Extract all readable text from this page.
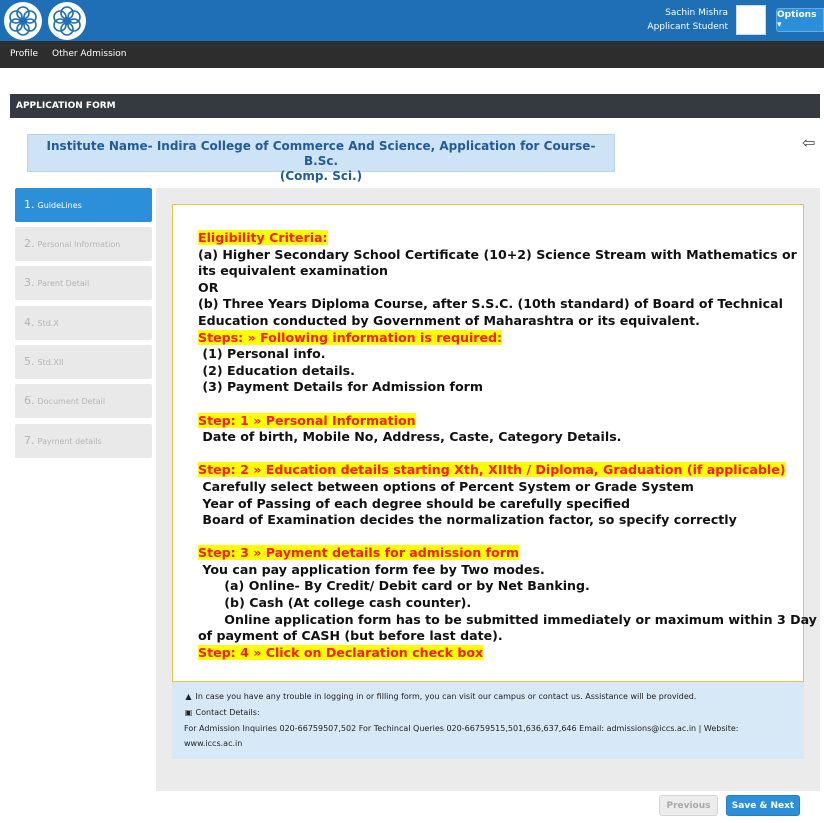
Sachin Mishra
Applicant Student
Options ▾
Profile	Other Admission
APPLICATION FORM
⇦
Institute Name- Indira College of Commerce And Science, Application for Course- B.Sc.
(Comp. Sci.)
1. GuideLines
2. Personal Information
3. Parent Detail
4. Std.X
5. Std.XII
6. Document Detail
7. Payment details
Eligibility Criteria:
(a) Higher Secondary School Certificate (10+2) Science Stream with Mathematics or
its equivalent examination
OR
(b) Three Years Diploma Course, after S.S.C. (10th standard) of Board of Technical
Education conducted by Government of Maharashtra or its equivalent.
Steps: » Following information is required:
(1) Personal info.
(2) Education details.
(3) Payment Details for Admission form
Step: 1 » Personal Information
Date of birth, Mobile No, Address, Caste, Category Details.
Step: 2 » Education details starting Xth, XIIth / Diploma, Graduation (if applicable)
Carefully select between options of Percent System or Grade System
Year of Passing of each degree should be carefully specified
Board of Examination decides the normalization factor, so specify correctly
Step: 3 » Payment details for admission form
You can pay application form fee by Two modes.
(a) Online- By Credit/ Debit card or by Net Banking.
(b) Cash (At college cash counter).
Online application form has to be submitted immediately or maximum within 3 Day
of payment of CASH (but before last date).
Step: 4 » Click on Declaration check box
▲ In case you have any trouble in logging in or filling form, you can visit our campus or contact us. Assistance will be provided.
▣ Contact Details:
For Admission Inquiries 020-66759507,502 For Techincal Queries 020-66759515,501,636,637,646 Email: admissions@iccs.ac.in | Website:
www.iccs.ac.in
Previous	Save & Next
